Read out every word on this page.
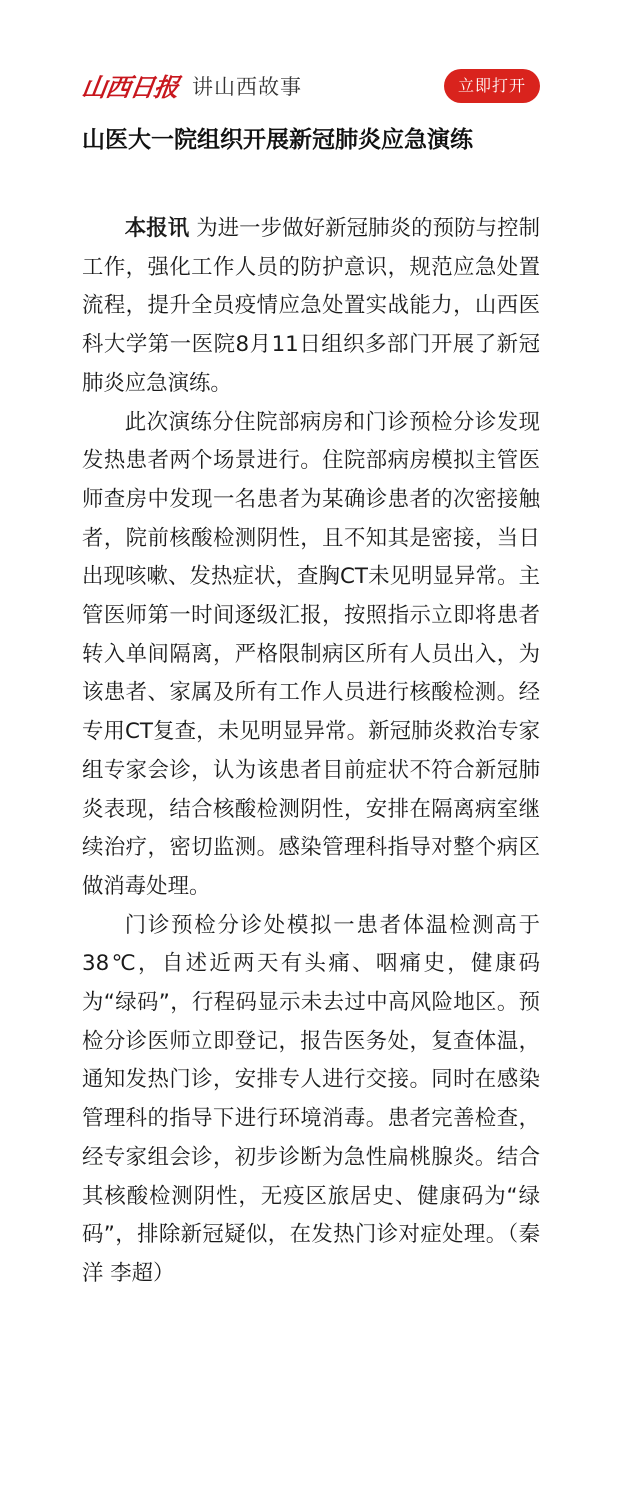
山西日报 讲山西故事	立即打开
山医大一院组织开展新冠肺炎应急演练

本报讯 为进一步做好新冠肺炎的预防与控制工作，强化工作人员的防护意识，规范应急处置流程，提升全员疫情应急处置实战能力，山西医科大学第一医院8月11日组织多部门开展了新冠肺炎应急演练。

此次演练分住院部病房和门诊预检分诊发现发热患者两个场景进行。住院部病房模拟主管医师查房中发现一名患者为某确诊患者的次密接触者，院前核酸检测阴性，且不知其是密接，当日出现咳嗽、发热症状，查胸CT未见明显异常。主管医师第一时间逐级汇报，按照指示立即将患者转入单间隔离，严格限制病区所有人员出入，为该患者、家属及所有工作人员进行核酸检测。经专用CT复查，未见明显异常。新冠肺炎救治专家组专家会诊，认为该患者目前症状不符合新冠肺炎表现，结合核酸检测阴性，安排在隔离病室继续治疗，密切监测。感染管理科指导对整个病区做消毒处理。

门诊预检分诊处模拟一患者体温检测高于38℃，自述近两天有头痛、咽痛史，健康码为“绿码”，行程码显示未去过中高风险地区。预检分诊医师立即登记，报告医务处，复查体温，通知发热门诊，安排专人进行交接。同时在感染管理科的指导下进行环境消毒。患者完善检查，经专家组会诊，初步诊断为急性扁桃腺炎。结合其核酸检测阴性，无疫区旅居史、健康码为“绿码”，排除新冠疑似，在发热门诊对症处理。（秦洋 李超）
